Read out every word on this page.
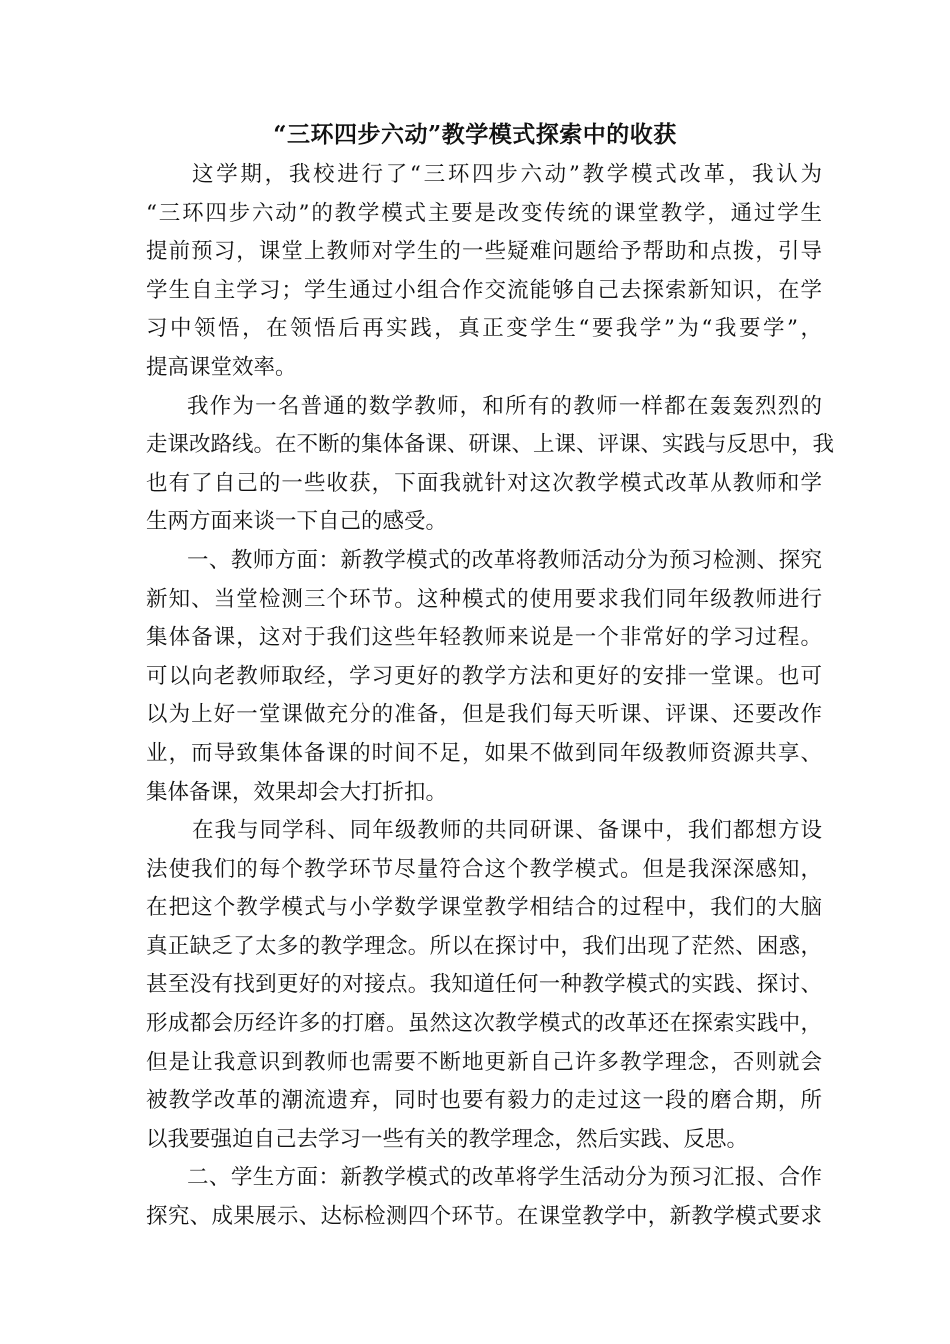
“三环四步六动”教学模式探索中的收获
这学期，我校进行了“三环四步六动”教学模式改革，我认为
“三环四步六动”的教学模式主要是改变传统的课堂教学，通过学生
提前预习，课堂上教师对学生的一些疑难问题给予帮助和点拨，引导
学生自主学习；学生通过小组合作交流能够自己去探索新知识，在学
习中领悟，在领悟后再实践，真正变学生“要我学”为“我要学”，
提高课堂效率。
我作为一名普通的数学教师，和所有的教师一样都在轰轰烈烈的
走课改路线。在不断的集体备课、研课、上课、评课、实践与反思中，我
也有了自己的一些收获，下面我就针对这次教学模式改革从教师和学
生两方面来谈一下自己的感受。
一、教师方面：新教学模式的改革将教师活动分为预习检测、探究
新知、当堂检测三个环节。这种模式的使用要求我们同年级教师进行
集体备课，这对于我们这些年轻教师来说是一个非常好的学习过程。
可以向老教师取经，学习更好的教学方法和更好的安排一堂课。也可
以为上好一堂课做充分的准备，但是我们每天听课、评课、还要改作
业，而导致集体备课的时间不足，如果不做到同年级教师资源共享、
集体备课，效果却会大打折扣。
在我与同学科、同年级教师的共同研课、备课中，我们都想方设
法使我们的每个教学环节尽量符合这个教学模式。但是我深深感知，
在把这个教学模式与小学数学课堂教学相结合的过程中，我们的大脑
真正缺乏了太多的教学理念。所以在探讨中，我们出现了茫然、困惑，
甚至没有找到更好的对接点。我知道任何一种教学模式的实践、探讨、
形成都会历经许多的打磨。虽然这次教学模式的改革还在探索实践中，
但是让我意识到教师也需要不断地更新自己许多教学理念，否则就会
被教学改革的潮流遗弃，同时也要有毅力的走过这一段的磨合期，所
以我要强迫自己去学习一些有关的教学理念，然后实践、反思。
二、学生方面：新教学模式的改革将学生活动分为预习汇报、合作
探究、成果展示、达标检测四个环节。在课堂教学中，新教学模式要求
